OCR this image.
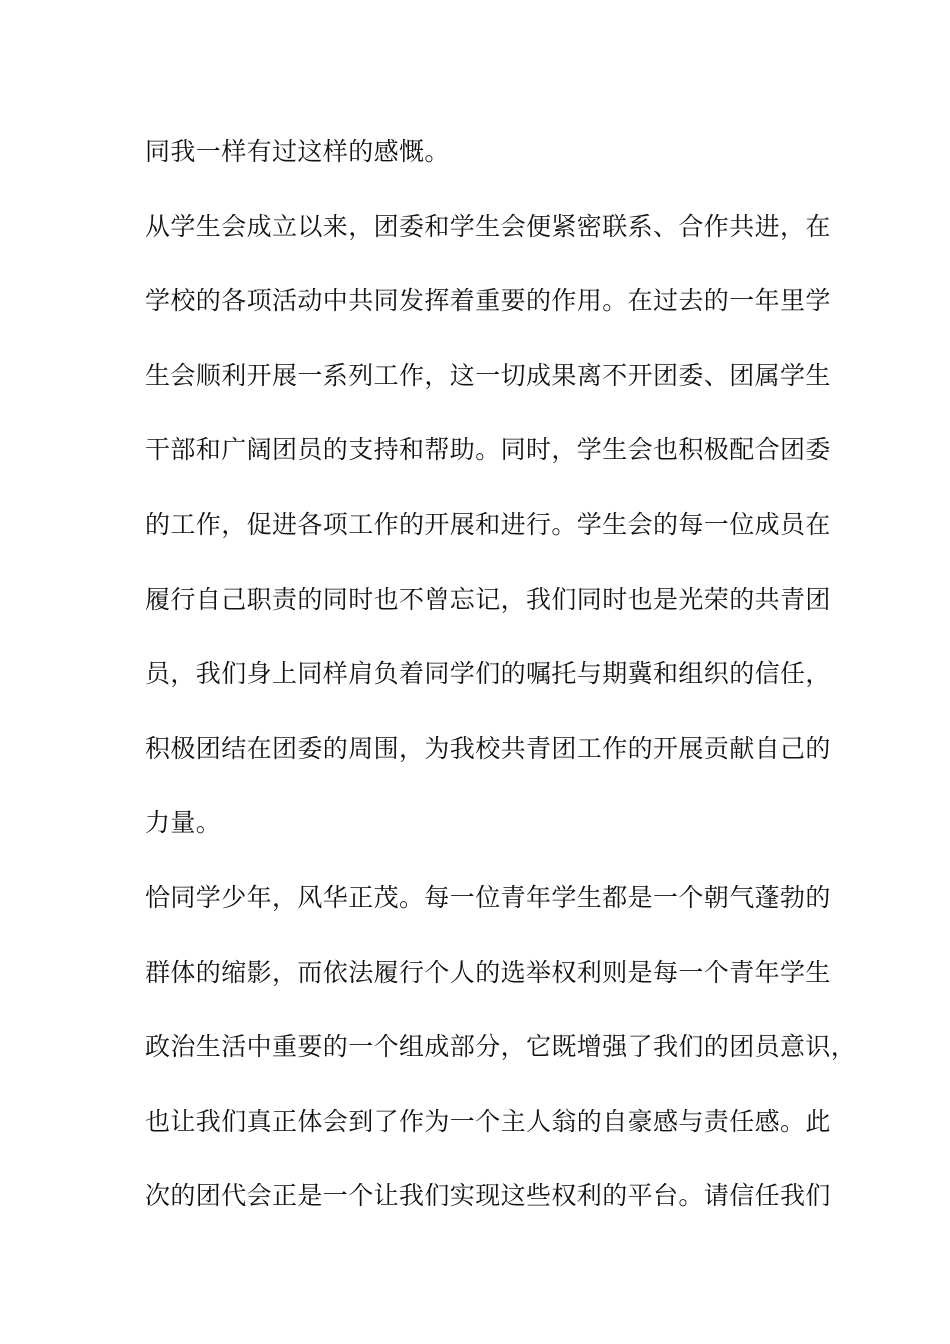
同我一样有过这样的感慨。
从学生会成立以来，团委和学生会便紧密联系、合作共进，在
学校的各项活动中共同发挥着重要的作用。在过去的一年里学
生会顺利开展一系列工作，这一切成果离不开团委、团属学生
干部和广阔团员的支持和帮助。同时，学生会也积极配合团委
的工作，促进各项工作的开展和进行。学生会的每一位成员在
履行自己职责的同时也不曾忘记，我们同时也是光荣的共青团
员，我们身上同样肩负着同学们的嘱托与期冀和组织的信任，
积极团结在团委的周围，为我校共青团工作的开展贡献自己的
力量。
恰同学少年，风华正茂。每一位青年学生都是一个朝气蓬勃的
群体的缩影，而依法履行个人的选举权利则是每一个青年学生
政治生活中重要的一个组成部分，它既增强了我们的团员意识，
也让我们真正体会到了作为一个主人翁的自豪感与责任感。此
次的团代会正是一个让我们实现这些权利的平台。请信任我们
